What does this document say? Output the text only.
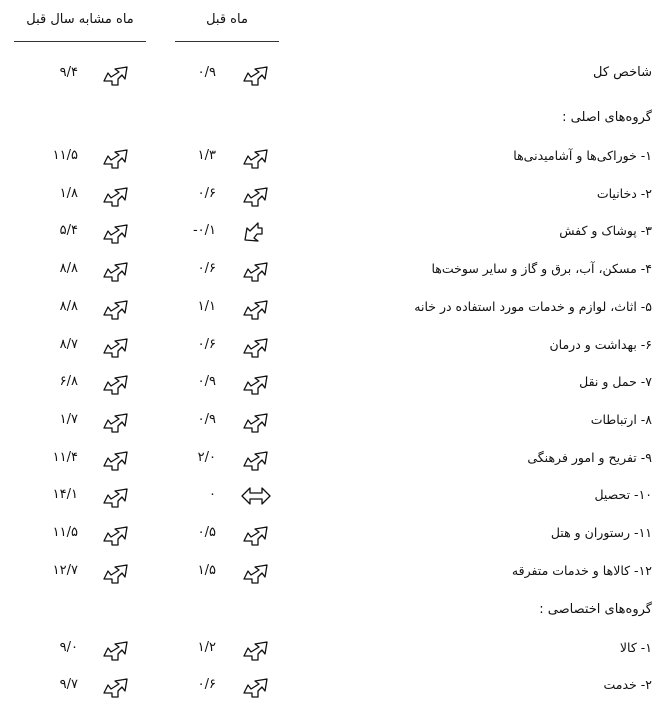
ماه قبل
ماه مشابه سال قبل
شاخص کل
۰/۹
۹/۴
گروه‌های اصلی :
۱- خوراکی‌ها و آشامیدنی‌ها
۱/۳
۱۱/۵
۲- دخانیات
۰/۶
۱/۸
۳- پوشاک و کفش
-۰/۱
۵/۴
۴- مسکن، آب، برق و گاز و سایر سوخت‌ها
۰/۶
۸/۸
۵- اثاث، لوازم و خدمات مورد استفاده در خانه
۱/۱
۸/۸
۶- بهداشت و درمان
۰/۶
۸/۷
۷- حمل و نقل
۰/۹
۶/۸
۸- ارتباطات
۰/۹
۱/۷
۹- تفریح و امور فرهنگی
۲/۰
۱۱/۴
۱۰- تحصیل
۰
۱۴/۱
۱۱- رستوران و هتل
۰/۵
۱۱/۵
۱۲- کالاها و خدمات متفرقه
۱/۵
۱۲/۷
گروه‌های اختصاصی :
۱- کالا
۱/۲
۹/۰
۲- خدمت
۰/۶
۹/۷
